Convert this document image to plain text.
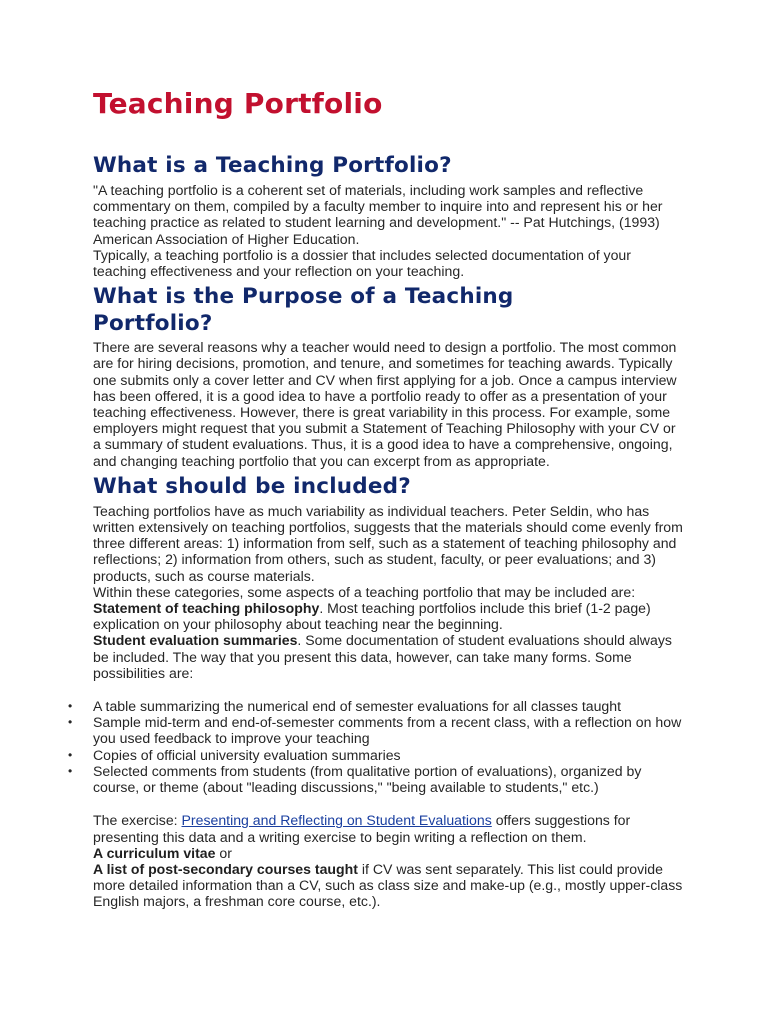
Teaching Portfolio
What is a Teaching Portfolio?

"A teaching portfolio is a coherent set of materials, including work samples and reflective commentary on them, compiled by a faculty member to inquire into and represent his or her teaching practice as related to student learning and development." -- Pat Hutchings, (1993) American Association of Higher Education.

Typically, a teaching portfolio is a dossier that includes selected documentation of your teaching effectiveness and your reflection on your teaching.

What is the Purpose of a Teaching
Portfolio?

There are several reasons why a teacher would need to design a portfolio. The most common are for hiring decisions, promotion, and tenure, and sometimes for teaching awards. Typically one submits only a cover letter and CV when first applying for a job. Once a campus interview has been offered, it is a good idea to have a portfolio ready to offer as a presentation of your teaching effectiveness. However, there is great variability in this process. For example, some employers might request that you submit a Statement of Teaching Philosophy with your CV or a summary of student evaluations. Thus, it is a good idea to have a comprehensive, ongoing, and changing teaching portfolio that you can excerpt from as appropriate.

What should be included?

Teaching portfolios have as much variability as individual teachers. Peter Seldin, who has written extensively on teaching portfolios, suggests that the materials should come evenly from three different areas: 1) information from self, such as a statement of teaching philosophy and reflections; 2) information from others, such as student, faculty, or peer evaluations; and 3) products, such as course materials.

Within these categories, some aspects of a teaching portfolio that may be included are:

Statement of teaching philosophy. Most teaching portfolios include this brief (1-2 page) explication on your philosophy about teaching near the beginning.

Student evaluation summaries. Some documentation of student evaluations should always be included. The way that you present this data, however, can take many forms. Some possibilities are:

• A table summarizing the numerical end of semester evaluations for all classes taught
• Sample mid-term and end-of-semester comments from a recent class, with a reflection on how you used feedback to improve your teaching
• Copies of official university evaluation summaries
• Selected comments from students (from qualitative portion of evaluations), organized by course, or theme (about "leading discussions," "being available to students," etc.)

The exercise: Presenting and Reflecting on Student Evaluations offers suggestions for presenting this data and a writing exercise to begin writing a reflection on them.

A curriculum vitae or

A list of post-secondary courses taught if CV was sent separately. This list could provide more detailed information than a CV, such as class size and make-up (e.g., mostly upper-class English majors, a freshman core course, etc.).
